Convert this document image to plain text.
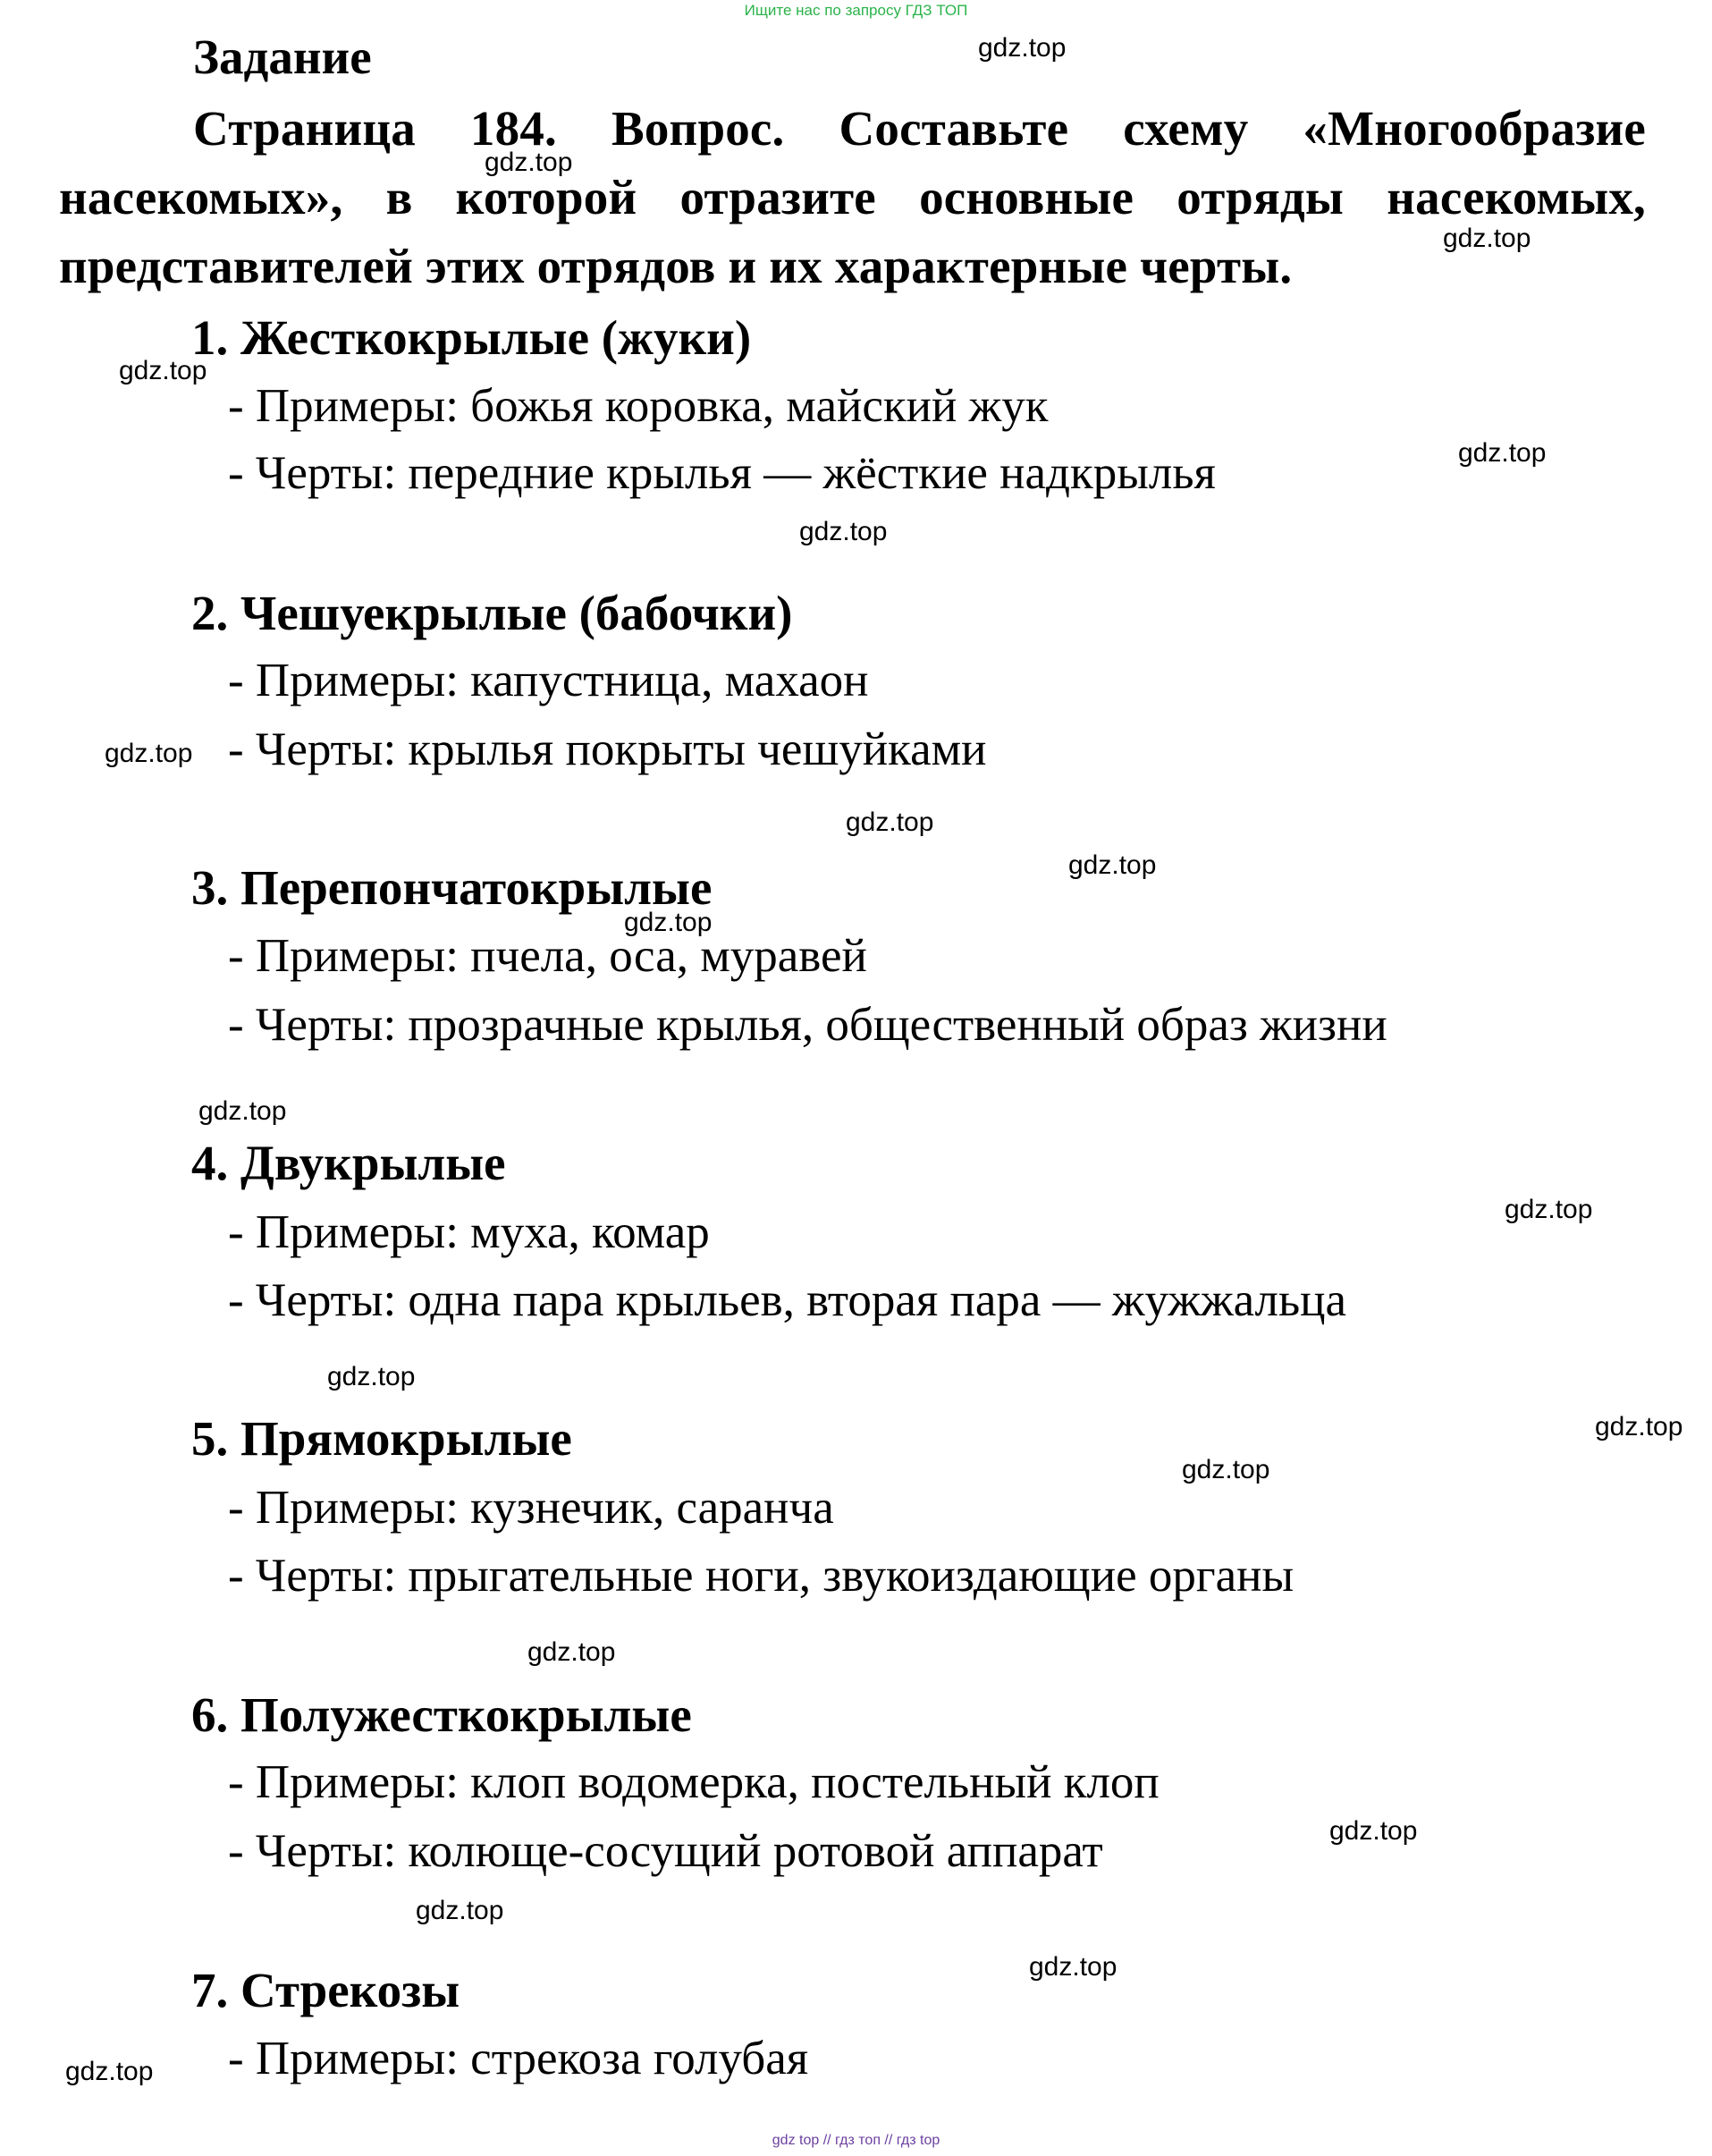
Ищите нас по запросу ГДЗ ТОП
Задание
Страница 184. Вопрос. Составьте схему «Многообразие насекомых», в которой отразите основные отряды насекомых, представителей этих отрядов и их характерные черты.
1. Жесткокрылые (жуки)
- Примеры: божья коровка, майский жук
- Черты: передние крылья — жёсткие надкрылья
2. Чешуекрылые (бабочки)
- Примеры: капустница, махаон
- Черты: крылья покрыты чешуйками
3. Перепончатокрылые
- Примеры: пчела, оса, муравей
- Черты: прозрачные крылья, общественный образ жизни
4. Двукрылые
- Примеры: муха, комар
- Черты: одна пара крыльев, вторая пара — жужжальца
5. Прямокрылые
- Примеры: кузнечик, саранча
- Черты: прыгательные ноги, звукоиздающие органы
6. Полужесткокрылые
- Примеры: клоп водомерка, постельный клоп
- Черты: колюще-сосущий ротовой аппарат
7. Стрекозы
- Примеры: стрекоза голубая
gdz.top
gdz.top
gdz.top
gdz.top
gdz.top
gdz.top
gdz.top
gdz.top
gdz.top
gdz.top
gdz.top
gdz.top
gdz.top
gdz.top
gdz.top
gdz.top
gdz.top
gdz.top
gdz.top
gdz.top
gdz top // гдз топ // гдз top
